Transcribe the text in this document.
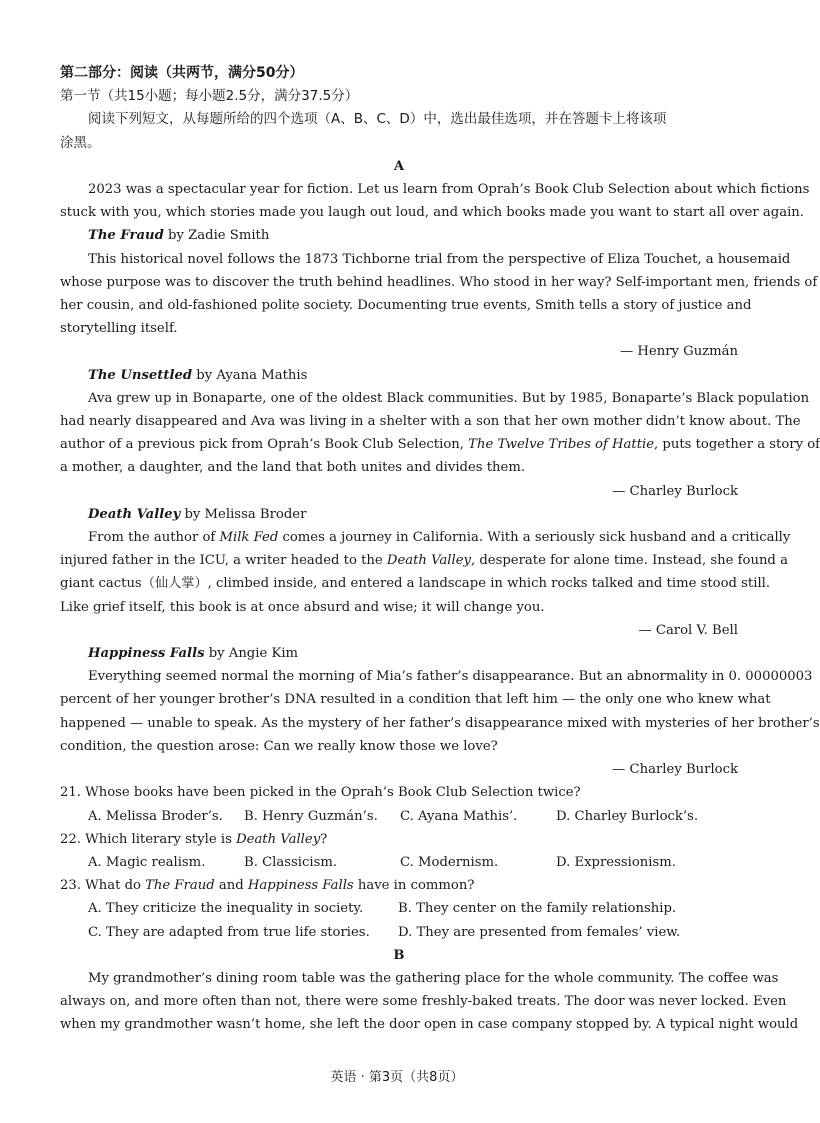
第二部分：阅读（共两节，满分50分）
第一节（共15小题；每小题2.5分，满分37.5分）
阅读下列短文，从每题所给的四个选项（A、B、C、D）中，选出最佳选项，并在答题卡上将该项
涂黑。
A
2023 was a spectacular year for fiction. Let us learn from Oprah’s Book Club Selection about which fictions
stuck with you, which stories made you laugh out loud, and which books made you want to start all over again.
The Fraud by Zadie Smith
This historical novel follows the 1873 Tichborne trial from the perspective of Eliza Touchet, a housemaid
whose purpose was to discover the truth behind headlines. Who stood in her way? Self-important men, friends of
her cousin, and old-fashioned polite society. Documenting true events, Smith tells a story of justice and
storytelling itself.
— Henry Guzmán
The Unsettled by Ayana Mathis
Ava grew up in Bonaparte, one of the oldest Black communities. But by 1985, Bonaparte’s Black population
had nearly disappeared and Ava was living in a shelter with a son that her own mother didn’t know about. The
author of a previous pick from Oprah’s Book Club Selection, The Twelve Tribes of Hattie, puts together a story of
a mother, a daughter, and the land that both unites and divides them.
— Charley Burlock
Death Valley by Melissa Broder
From the author of Milk Fed comes a journey in California. With a seriously sick husband and a critically
injured father in the ICU, a writer headed to the Death Valley, desperate for alone time. Instead, she found a
giant cactus（仙人掌）, climbed inside, and entered a landscape in which rocks talked and time stood still.
Like grief itself, this book is at once absurd and wise; it will change you.
— Carol V. Bell
Happiness Falls by Angie Kim
Everything seemed normal the morning of Mia’s father’s disappearance. But an abnormality in 0. 00000003
percent of her younger brother’s DNA resulted in a condition that left him — the only one who knew what
happened — unable to speak. As the mystery of her father’s disappearance mixed with mysteries of her brother’s
condition, the question arose: Can we really know those we love?
— Charley Burlock
21. Whose books have been picked in the Oprah’s Book Club Selection twice?
A. Melissa Broder’s.	B. Henry Guzmán’s.	C. Ayana Mathis’.	D. Charley Burlock’s.
22. Which literary style is Death Valley?
A. Magic realism.	B. Classicism.	C. Modernism.	D. Expressionism.
23. What do The Fraud and Happiness Falls have in common?
A. They criticize the inequality in society.	B. They center on the family relationship.
C. They are adapted from true life stories.	D. They are presented from females’ view.
B
My grandmother’s dining room table was the gathering place for the whole community. The coffee was
always on, and more often than not, there were some freshly-baked treats. The door was never locked. Even
when my grandmother wasn’t home, she left the door open in case company stopped by. A typical night would
英语 · 第3页（共8页）
